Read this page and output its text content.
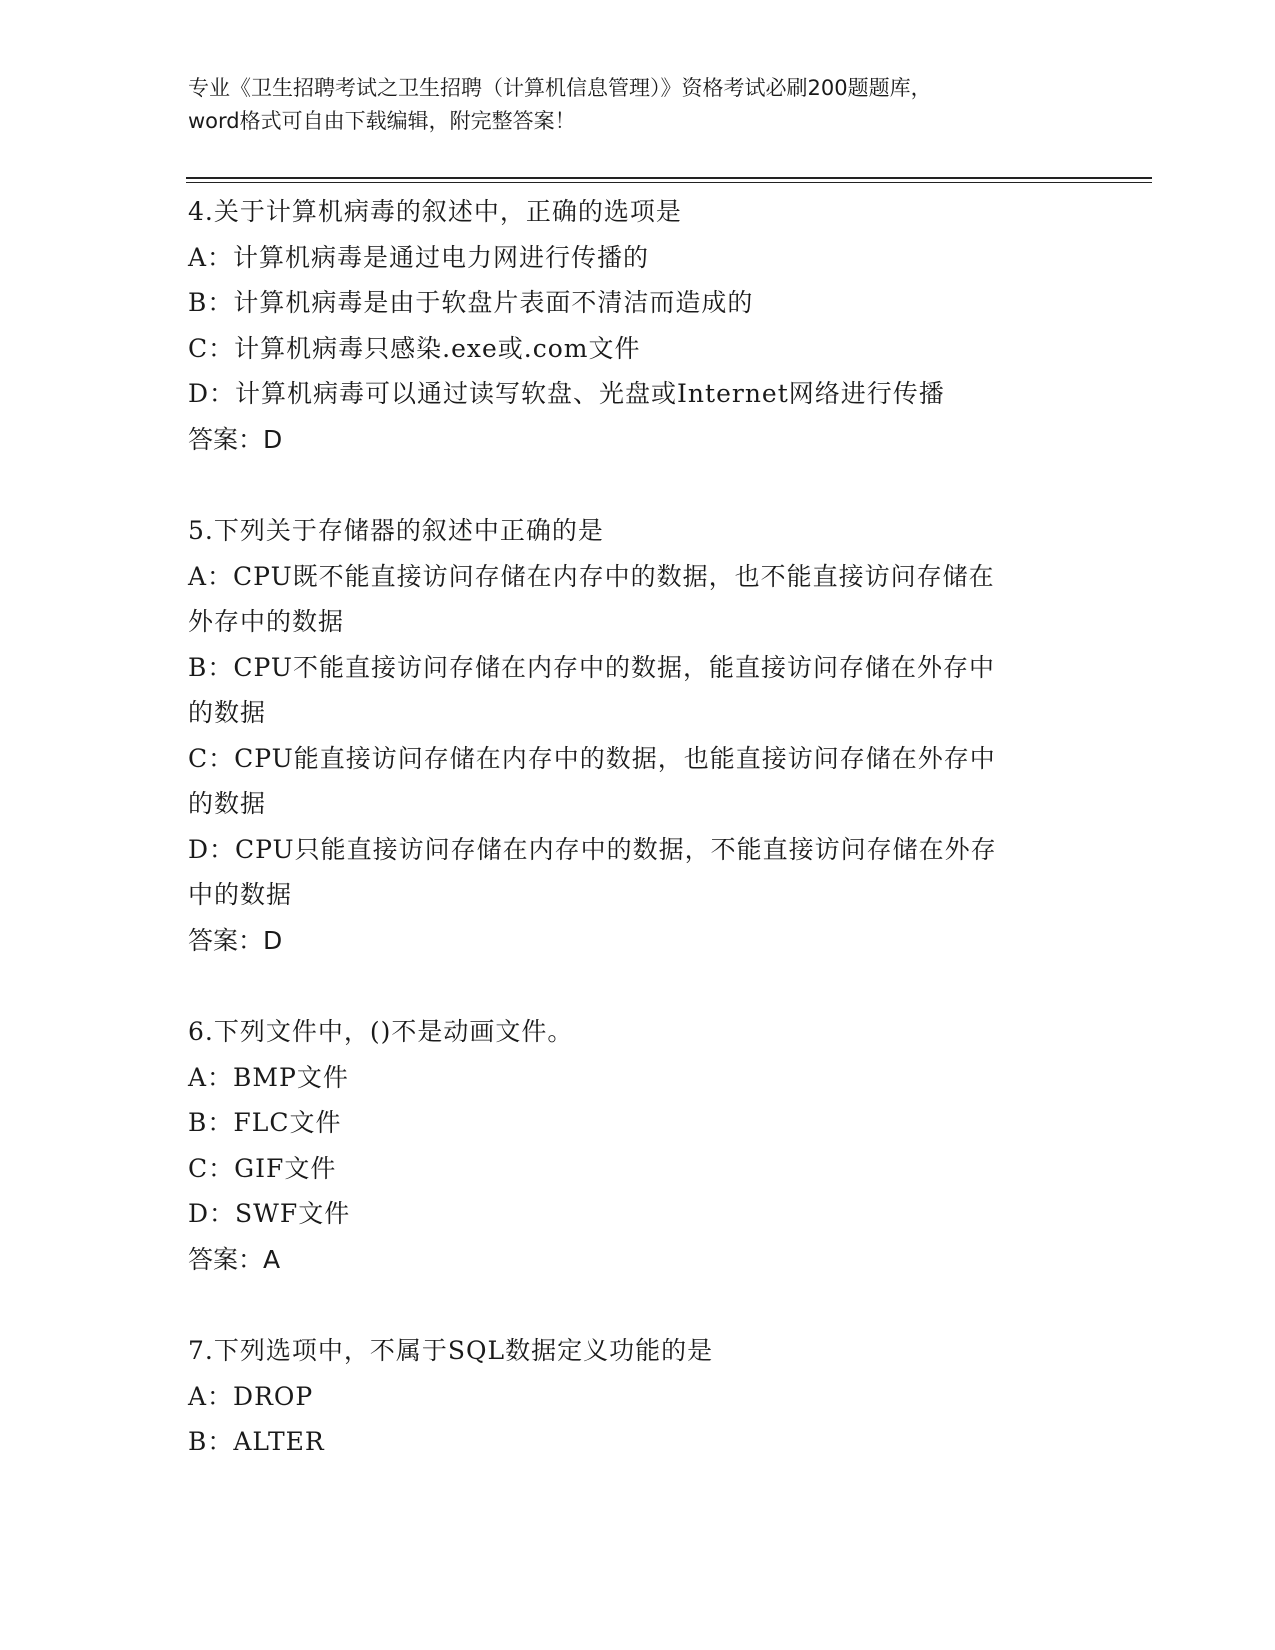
专业《卫生招聘考试之卫生招聘（计算机信息管理）》资格考试必刷200题题库，
word格式可自由下载编辑，附完整答案！
4.关于计算机病毒的叙述中，正确的选项是
A：计算机病毒是通过电力网进行传播的
B：计算机病毒是由于软盘片表面不清洁而造成的
C：计算机病毒只感染.exe或.com文件
D：计算机病毒可以通过读写软盘、光盘或Internet网络进行传播
答案：D
5.下列关于存储器的叙述中正确的是
A：CPU既不能直接访问存储在内存中的数据，也不能直接访问存储在
外存中的数据
B：CPU不能直接访问存储在内存中的数据，能直接访问存储在外存中
的数据
C：CPU能直接访问存储在内存中的数据，也能直接访问存储在外存中
的数据
D：CPU只能直接访问存储在内存中的数据，不能直接访问存储在外存
中的数据
答案：D
6.下列文件中，()不是动画文件。
A：BMP文件
B：FLC文件
C：GIF文件
D：SWF文件
答案：A
7.下列选项中，不属于SQL数据定义功能的是
A：DROP
B：ALTER
